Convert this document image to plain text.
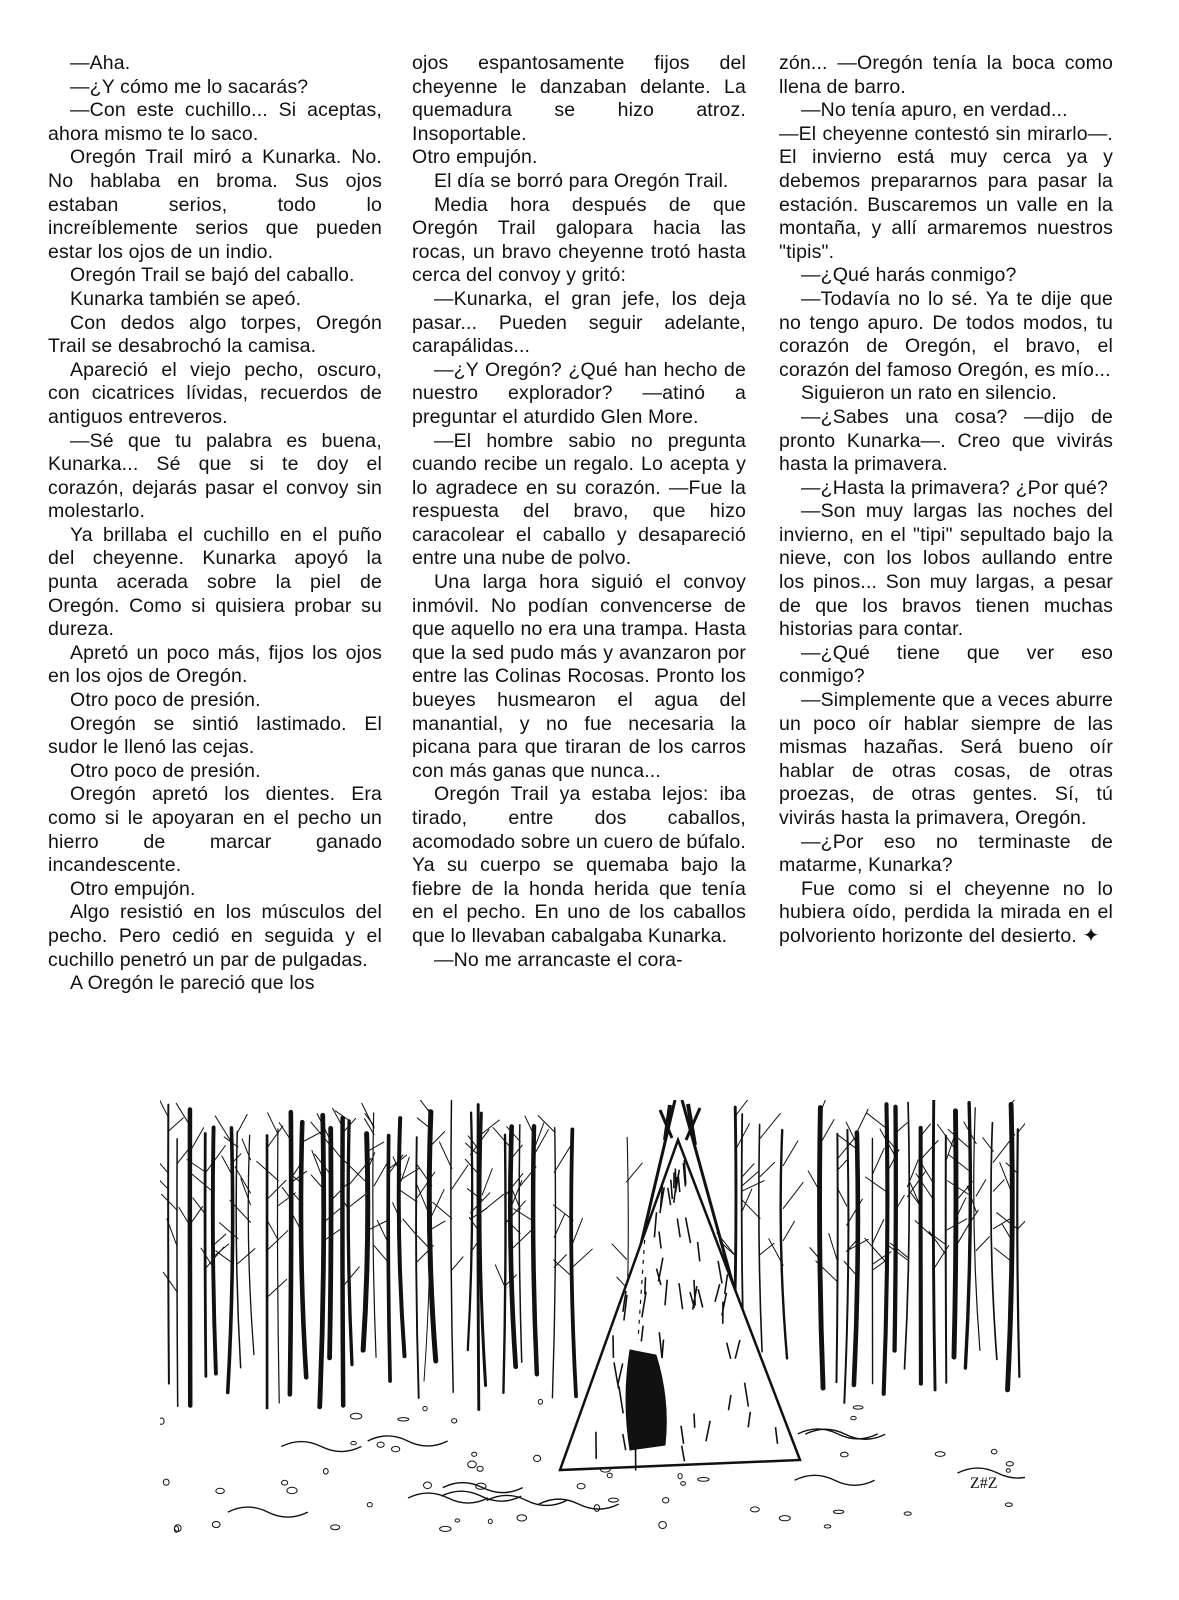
—Aha.

—¿Y cómo me lo sacarás?

—Con este cuchillo... Si aceptas, ahora mismo te lo saco.

Oregón Trail miró a Kunarka. No. No hablaba en broma. Sus ojos estaban serios, todo lo increíblemente serios que pueden estar los ojos de un indio.

Oregón Trail se bajó del caballo.

Kunarka también se apeó.

Con dedos algo torpes, Oregón Trail se desabrochó la camisa.

Apareció el viejo pecho, oscuro, con cicatrices lívidas, recuerdos de antiguos entreveros.

—Sé que tu palabra es buena, Kunarka... Sé que si te doy el corazón, dejarás pasar el convoy sin molestarlo.

Ya brillaba el cuchillo en el puño del cheyenne. Kunarka apoyó la punta acerada sobre la piel de Oregón. Como si quisiera probar su dureza.

Apretó un poco más, fijos los ojos en los ojos de Oregón.

Otro poco de presión.

Oregón se sintió lastimado. El sudor le llenó las cejas.

Otro poco de presión.

Oregón apretó los dientes. Era como si le apoyaran en el pecho un hierro de marcar ganado incandescente.

Otro empujón.

Algo resistió en los músculos del pecho. Pero cedió en seguida y el cuchillo penetró un par de pulgadas.

A Oregón le pareció que los

ojos espantosamente fijos del cheyenne le danzaban delante. La quemadura se hizo atroz. Insoportable.

Otro empujón.

El día se borró para Oregón Trail.

Media hora después de que Oregón Trail galopara hacia las rocas, un bravo cheyenne trotó hasta cerca del convoy y gritó:

—Kunarka, el gran jefe, los deja pasar... Pueden seguir adelante, carapálidas...

—¿Y Oregón? ¿Qué han hecho de nuestro explorador? —atinó a preguntar el aturdido Glen More.

—El hombre sabio no pregunta cuando recibe un regalo. Lo acepta y lo agradece en su corazón. —Fue la respuesta del bravo, que hizo caracolear el caballo y desapareció entre una nube de polvo.

Una larga hora siguió el convoy inmóvil. No podían convencerse de que aquello no era una trampa. Hasta que la sed pudo más y avanzaron por entre las Colinas Rocosas. Pronto los bueyes husmearon el agua del manantial, y no fue necesaria la picana para que tiraran de los carros con más ganas que nunca...

Oregón Trail ya estaba lejos: iba tirado, entre dos caballos, acomodado sobre un cuero de búfalo. Ya su cuerpo se quemaba bajo la fiebre de la honda herida que tenía en el pecho. En uno de los caballos que lo llevaban cabalgaba Kunarka.

—No me arrancaste el cora-

zón... —Oregón tenía la boca como llena de barro.

—No tenía apuro, en verdad...

—El cheyenne contestó sin mirarlo—. El invierno está muy cerca ya y debemos prepararnos para pasar la estación. Buscaremos un valle en la montaña, y allí armaremos nuestros "tipis".

—¿Qué harás conmigo?

—Todavía no lo sé. Ya te dije que no tengo apuro. De todos modos, tu corazón de Oregón, el bravo, el corazón del famoso Oregón, es mío...

Siguieron un rato en silencio.

—¿Sabes una cosa? —dijo de pronto Kunarka—. Creo que vivirás hasta la primavera.

—¿Hasta la primavera? ¿Por qué?

—Son muy largas las noches del invierno, en el "tipi" sepultado bajo la nieve, con los lobos aullando entre los pinos... Son muy largas, a pesar de que los bravos tienen muchas historias para contar.

—¿Qué tiene que ver eso conmigo?

—Simplemente que a veces aburre un poco oír hablar siempre de las mismas hazañas. Será bueno oír hablar de otras cosas, de otras proezas, de otras gentes. Sí, tú vivirás hasta la primavera, Oregón.

—¿Por eso no terminaste de matarme, Kunarka?

Fue como si el cheyenne no lo hubiera oído, perdida la mirada en el polvoriento horizonte del desierto. ✦

Z#Z
